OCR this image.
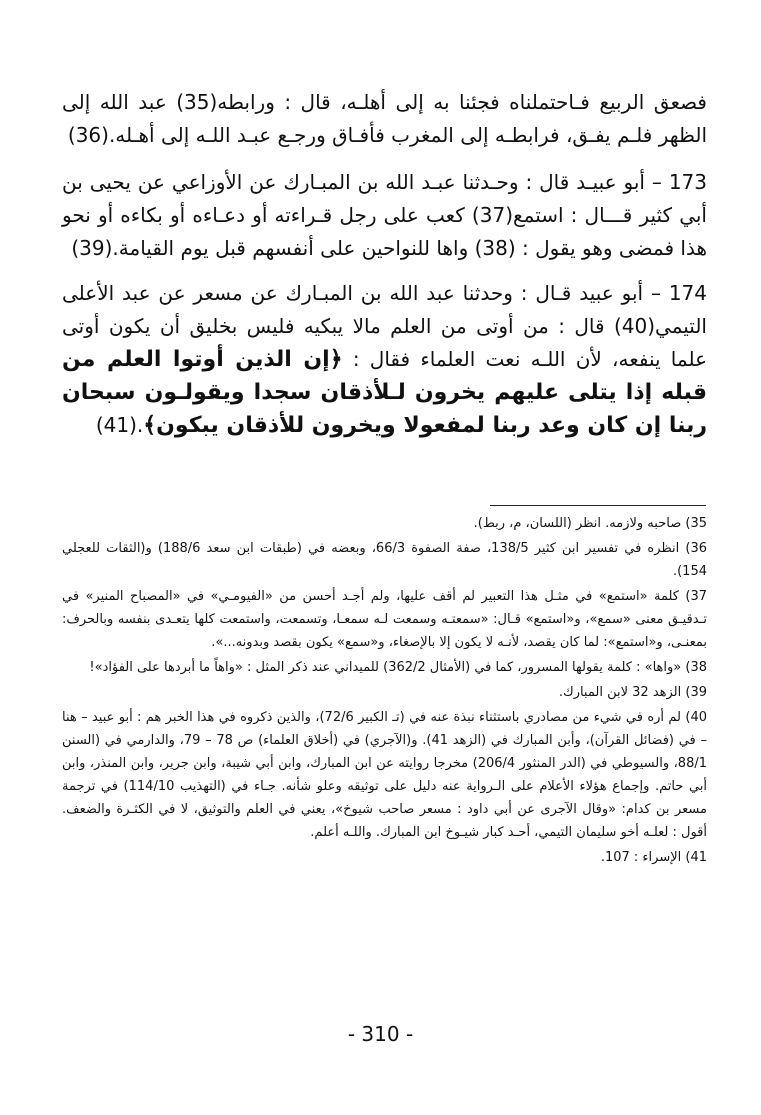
فصعق الربيع فـاحتملناه فجئنا به إلى أهلـه، قال : ورابطه(35) عبد الله إلى الظهر فلـم يفـق، فرابطـه إلى المغرب فأفـاق ورجـع عبـد اللـه إلى أهـله.(36)

173 – أبو عبيـد قال : وحـدثنا عبـد الله بن المبـارك عن الأوزاعي عن يحيى بن أبي كثير قـــال : استمع(37) كعب على رجل قـراءته أو دعـاءه أو بكاءه أو نحو هذا فمضى وهو يقول : (38) واها للنواحين على أنفسهم قبل يوم القيامة.(39)

174 – أبو عبيد قـال : وحدثنا عبد الله بن المبـارك عن مسعر عن عبد الأعلى التيمي(40) قال : من أوتى من العلم مالا يبكيه فليس بخليق أن يكون أوتى علما ينفعه، لأن اللـه نعت العلماء فقال : ﴿إن الذين أوتوا العلم من قبله إذا يتلى عليهم يخرون لـلأذقان سجدا ويقولـون سبحان ربنا إن كان وعد ربنا لمفعولا ويخرون للأذقان يبكون﴾.(41)

35) صاحبه ولازمه. انظر (اللسان، م، ربط).
36) انظره في تفسير ابن كثير 138/5، صفة الصفوة 66/3، وبعضه في (طبقات ابن سعد 188/6) و(الثقات للعجلي 154).
37) كلمة «استمع» في مثـل هذا التعبير لم أقف عليها، ولم أجـد أحسن من «الفيومـي» في «المصباح المنير» في تـدقيـق معنى «سمع»، و«استمع» قـال: «سمعتـه وسمعت لـه سمعـا، وتسمعت، واستمعت كلها يتعـدى بنفسه وبالحرف: بمعنـى، و«استمع»: لما كان يقصد، لأنـه لا يكون إلا بالإصغاء، و«سمع» يكون بقصد وبدونه...».
38) «واها» : كلمة يقولها المسرور، كما في (الأمثال 362/2) للميداني عند ذكر المثل : «واهاً ما أبردها على الفؤاد»!
39) الزهد 32 لابن المبارك.
40) لم أره في شيء من مصادري باستثناء نبذة عنه في (تـ الكبير 72/6)، والذين ذكروه في هذا الخبر هم : أبو عبيد – هنا – في (فضائل القرآن)، وأبن المبارك في (الزهد 41). و(الآجري) في (أخلاق العلماء) ص 78 – 79، والدارمي في (السنن 88/1، والسيوطي في (الدر المنثور 206/4) مخرجا روايته عن ابن المبارك، وابن أبي شيبة، وابن جرير، وابن المنذر، وابن أبي حاتم. وإجماع هؤلاء الأعلام على الـرواية عنه دليل على توثيقه وعلو شأنه. جـاء في (التهذيب 114/10) في ترجمة مسعر بن كدام: «وقال الآجرى عن أبي داود : مسعر صاحب شيوخ»، يعني في العلم والتوثيق، لا في الكثـرة والضعف. أقول : لعلـه أخو سليمان التيمي، أحـد كبار شيـوخ ابن المبارك. واللـه أعلم.
41) الإسراء : 107.
- 310 -
